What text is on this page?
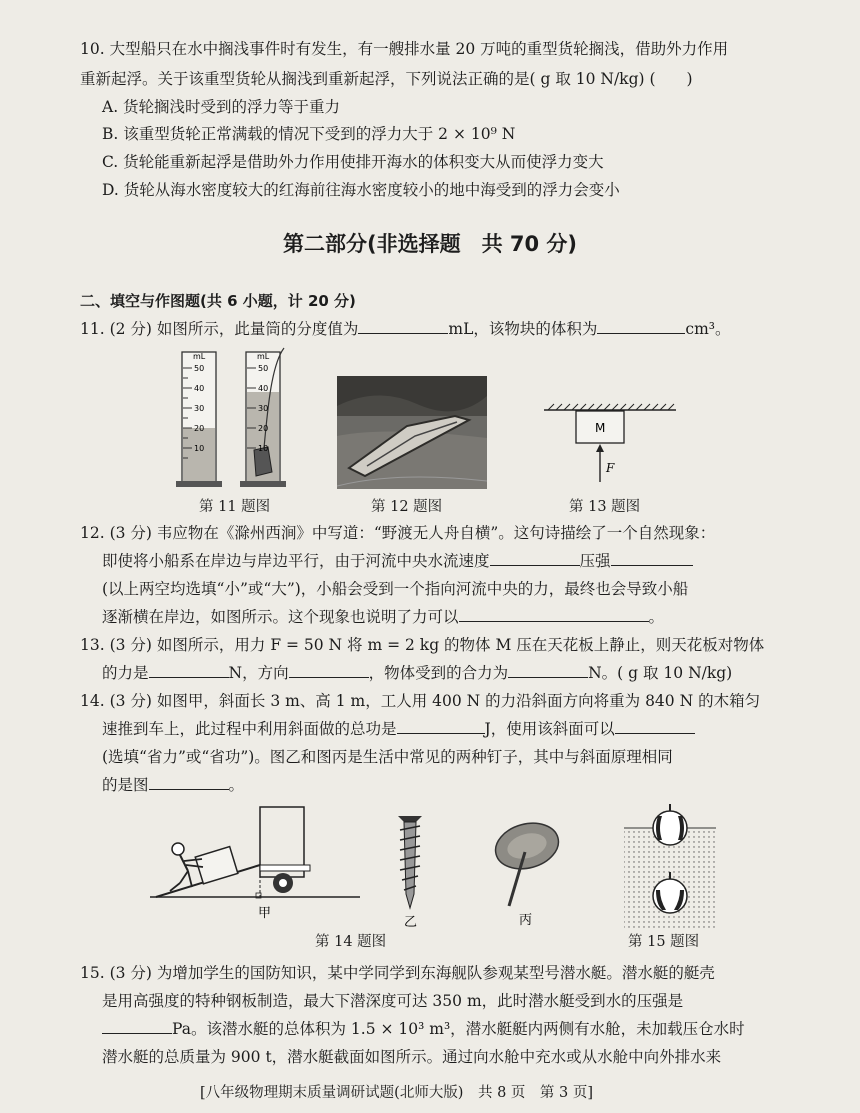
10. 大型船只在水中搁浅事件时有发生，有一艘排水量 20 万吨的重型货轮搁浅，借助外力作用
重新起浮。关于该重型货轮从搁浅到重新起浮，下列说法正确的是( g 取 10 N/kg) (　　)
A. 货轮搁浅时受到的浮力等于重力
B. 该重型货轮正常满载的情况下受到的浮力大于 2 × 10⁹ N
C. 货轮能重新起浮是借助外力作用使排开海水的体积变大从而使浮力变大
D. 货轮从海水密度较大的红海前往海水密度较小的地中海受到的浮力会变小
第二部分(非选择题　共 70 分)
二、填空与作图题(共 6 小题，计 20 分)
11. (2 分) 如图所示，此量筒的分度值为	mL，该物块的体积为	cm³。
mL
50
40
30
20
10
mL
50
40
30
20
10
M
F
第 11 题图	第 12 题图	第 13 题图
12. (3 分) 韦应物在《滁州西涧》中写道：“野渡无人舟自横”。这句诗描绘了一个自然现象：
即使将小船系在岸边与岸边平行，由于河流中央水流速度	压强
(以上两空均选填“小”或“大”)，小船会受到一个指向河流中央的力，最终也会导致小船
逐渐横在岸边，如图所示。这个现象也说明了力可以	。
13. (3 分) 如图所示，用力 F = 50 N 将 m = 2 kg 的物体 M 压在天花板上静止，则天花板对物体
的力是	N，方向	，物体受到的合力为	N。( g 取 10 N/kg)
14. (3 分) 如图甲，斜面长 3 m、高 1 m，工人用 400 N 的力沿斜面方向将重为 840 N 的木箱匀
速推到车上，此过程中利用斜面做的总功是	J，使用该斜面可以
(选填“省力”或“省功”)。图乙和图丙是生活中常见的两种钉子，其中与斜面原理相同
的是图	。
甲
乙	丙
第 14 题图	第 15 题图
15. (3 分) 为增加学生的国防知识，某中学同学到东海舰队参观某型号潜水艇。潜水艇的艇壳
是用高强度的特种钢板制造，最大下潜深度可达 350 m，此时潜水艇受到水的压强是
Pa。该潜水艇的总体积为 1.5 × 10³ m³，潜水艇艇内两侧有水舱，未加载压仓水时
潜水艇的总质量为 900 t，潜水艇截面如图所示。通过向水舱中充水或从水舱中向外排水来
[八年级物理期末质量调研试题(北师大版)　共 8 页　第 3 页]
